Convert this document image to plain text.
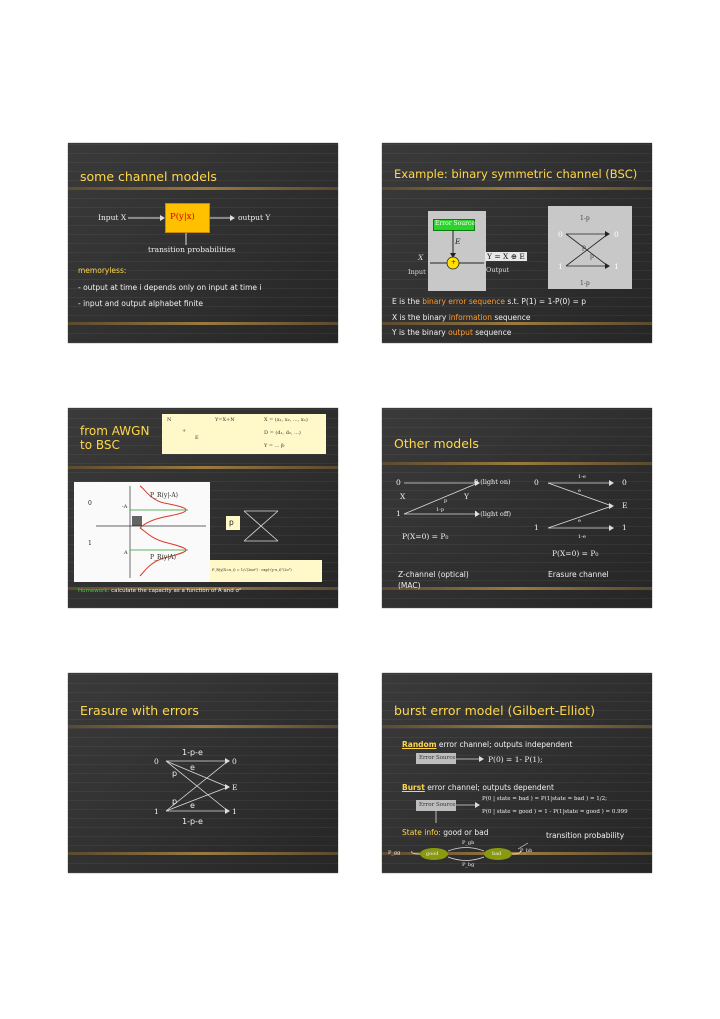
some channel models
Input X	P(y|x)	output Y
transition probabilities
memoryless:
- output at time i depends only on input at time i
- input and output alphabet finite
Example: binary symmetric channel (BSC)
Error Source
E
X
+
Y = X ⊕ E
Input	Output
1-p
0	0
p
p
1	1
1-p
E is the binary error sequence s.t. P(1) = 1-P(0) = p
X is the binary information sequence
Y is the binary output sequence
from AWGN to BSC
N	Y=X+N	X = (x₁, x₂, ..., xₙ)
+
E
D = (d₁, d₂, ...)
Y = ... β·
P_R(y|-A)
0	-A
1
A
P_R(y|A)
p
P_R(y|X=x_i) = 1/√(2πσ²) · exp(-(y-x_i)²/2σ²)
Homework: calculate the capacity as a function of A and σ²
Other models
0	0 (light on)
X	Y
p
1	1-p	1 (light off)
P(X=0) = P₀
1-e
0	0
e
E
e
1	1
1-e
P(X=0) = P₀
Z-channel (optical)
(MAC)
Erasure channel
Erasure with errors
1-p-e
0	0
e
p
E
p e
1	1
1-p-e
burst error model (Gilbert-Elliot)
Random error channel; outputs independent
Error Source
Error Source
P(0) = 1- P(1);
Burst error channel; outputs dependent
P(0 | state = bad ) = P(1|state = bad ) = 1/2;
P(0 | state = good ) = 1 - P(1|state = good ) = 0.999
State info: good or bad	transition probability
P_gg
P_gb
good	bad	P_bb
P_bg
